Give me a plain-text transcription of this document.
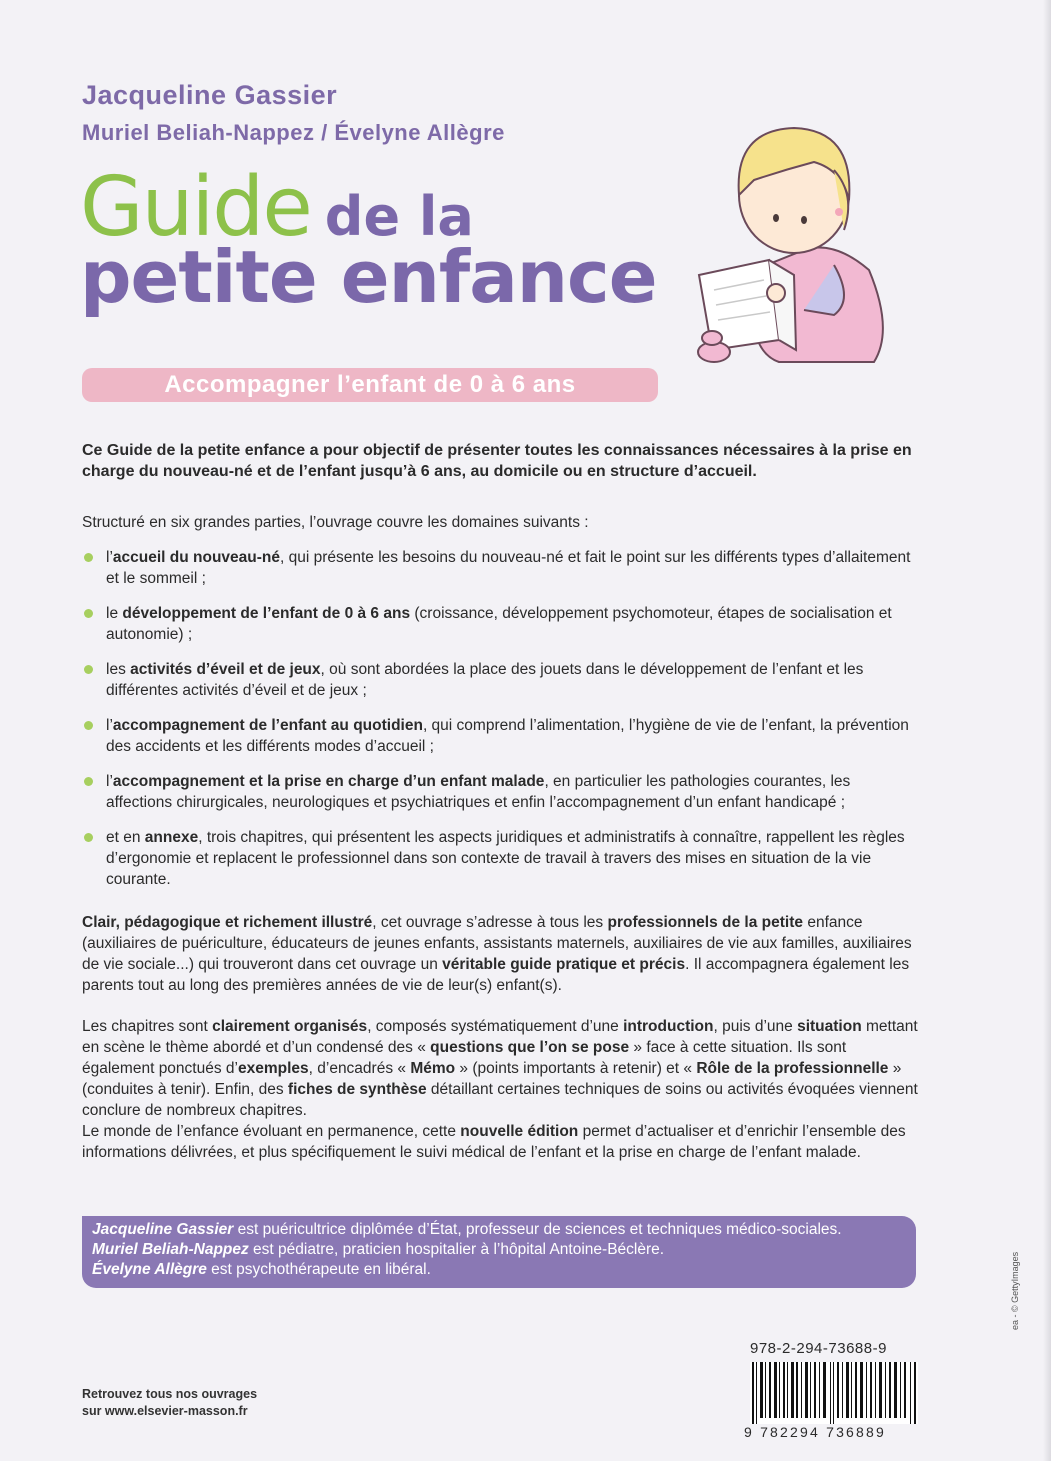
Jacqueline Gassier
Muriel Beliah-Nappez / Évelyne Allègre
Guide de la
petite enfance
Accompagner l’enfant de 0 à 6 ans
Ce Guide de la petite enfance a pour objectif de présenter toutes les connaissances nécessaires à la prise en charge du nouveau-né et de l’enfant jusqu’à 6 ans, au domicile ou en structure d’accueil.
Structuré en six grandes parties, l’ouvrage couvre les domaines suivants :
l’accueil du nouveau-né, qui présente les besoins du nouveau-né et fait le point sur les différents types d’allaitement et le sommeil ;
le développement de l’enfant de 0 à 6 ans (croissance, développement psychomoteur, étapes de socialisation et autonomie) ;
les activités d’éveil et de jeux, où sont abordées la place des jouets dans le développement de l’enfant et les différentes activités d’éveil et de jeux ;
l’accompagnement de l’enfant au quotidien, qui comprend l’alimentation, l’hygiène de vie de l’enfant, la prévention des accidents et les différents modes d’accueil ;
l’accompagnement et la prise en charge d’un enfant malade, en particulier les pathologies courantes, les affections chirurgicales, neurologiques et psychiatriques et enfin l’accompagnement d’un enfant handicapé ;
et en annexe, trois chapitres, qui présentent les aspects juridiques et administratifs à connaître, rappellent les règles d’ergonomie et replacent le professionnel dans son contexte de travail à travers des mises en situation de la vie courante.
Clair, pédagogique et richement illustré, cet ouvrage s’adresse à tous les professionnels de la petite enfance (auxiliaires de puériculture, éducateurs de jeunes enfants, assistants maternels, auxiliaires de vie aux familles, auxiliaires de vie sociale...) qui trouveront dans cet ouvrage un véritable guide pratique et précis. Il accompagnera également les parents tout au long des premières années de vie de leur(s) enfant(s).
Les chapitres sont clairement organisés, composés systématiquement d’une introduction, puis d’une situation mettant en scène le thème abordé et d’un condensé des « questions que l’on se pose » face à cette situation. Ils sont également ponctués d’exemples, d’encadrés « Mémo » (points importants à retenir) et « Rôle de la professionnelle » (conduites à tenir). Enfin, des fiches de synthèse détaillant certaines techniques de soins ou activités évoquées viennent conclure de nombreux chapitres.
Le monde de l’enfance évoluant en permanence, cette nouvelle édition permet d’actualiser et d’enrichir l’ensemble des informations délivrées, et plus spécifiquement le suivi médical de l’enfant et la prise en charge de l’enfant malade.
Jacqueline Gassier est puéricultrice diplômée d’État, professeur de sciences et techniques médico-sociales.
Muriel Beliah-Nappez est pédiatre, praticien hospitalier à l’hôpital Antoine-Béclère.
Évelyne Allègre est psychothérapeute en libéral.
Retrouvez tous nos ouvrages
sur www.elsevier-masson.fr
978-2-294-73688-9
9 782294 736889
ea - © GettyImages
